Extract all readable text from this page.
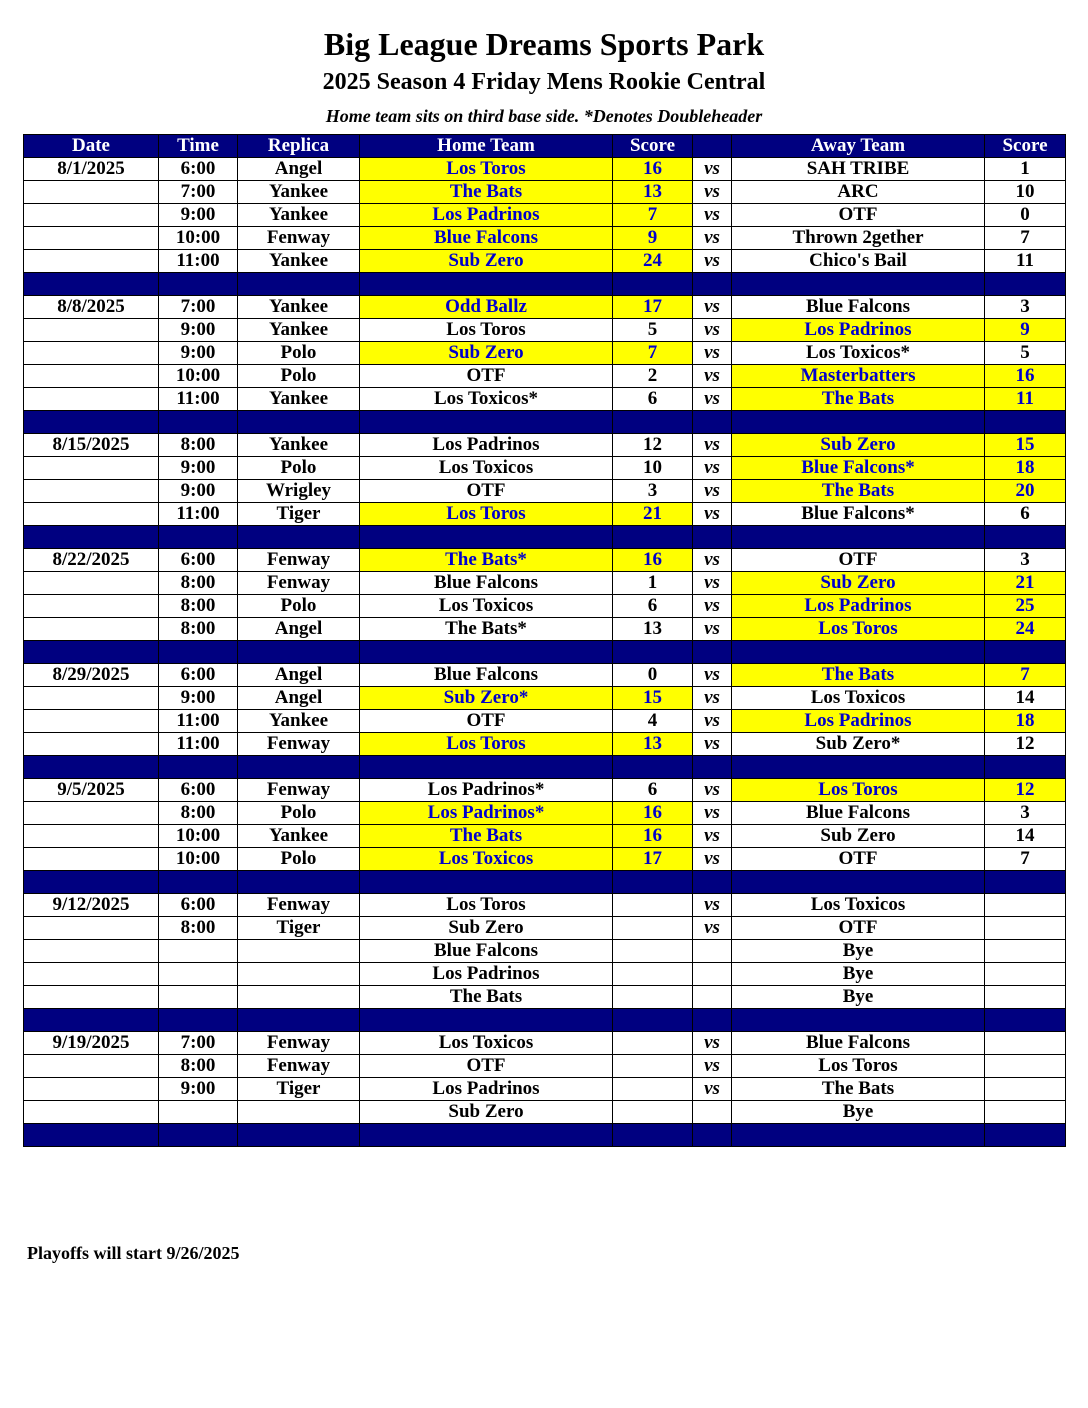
Big League Dreams Sports Park
2025 Season 4 Friday Mens Rookie Central
Home team sits on third base side. *Denotes Doubleheader
Date	Time	Replica	Home Team	Score		Away Team	Score
8/1/2025	6:00	Angel	Los Toros	16	vs	SAH TRIBE	1
	7:00	Yankee	The Bats	13	vs	ARC	10
	9:00	Yankee	Los Padrinos	7	vs	OTF	0
	10:00	Fenway	Blue Falcons	9	vs	Thrown 2gether	7
	11:00	Yankee	Sub Zero	24	vs	Chico's Bail	11

8/8/2025	7:00	Yankee	Odd Ballz	17	vs	Blue Falcons	3
	9:00	Yankee	Los Toros	5	vs	Los Padrinos	9
	9:00	Polo	Sub Zero	7	vs	Los Toxicos*	5
	10:00	Polo	OTF	2	vs	Masterbatters	16
	11:00	Yankee	Los Toxicos*	6	vs	The Bats	11

8/15/2025	8:00	Yankee	Los Padrinos	12	vs	Sub Zero	15
	9:00	Polo	Los Toxicos	10	vs	Blue Falcons*	18
	9:00	Wrigley	OTF	3	vs	The Bats	20
	11:00	Tiger	Los Toros	21	vs	Blue Falcons*	6

8/22/2025	6:00	Fenway	The Bats*	16	vs	OTF	3
	8:00	Fenway	Blue Falcons	1	vs	Sub Zero	21
	8:00	Polo	Los Toxicos	6	vs	Los Padrinos	25
	8:00	Angel	The Bats*	13	vs	Los Toros	24

8/29/2025	6:00	Angel	Blue Falcons	0	vs	The Bats	7
	9:00	Angel	Sub Zero*	15	vs	Los Toxicos	14
	11:00	Yankee	OTF	4	vs	Los Padrinos	18
	11:00	Fenway	Los Toros	13	vs	Sub Zero*	12

9/5/2025	6:00	Fenway	Los Padrinos*	6	vs	Los Toros	12
	8:00	Polo	Los Padrinos*	16	vs	Blue Falcons	3
	10:00	Yankee	The Bats	16	vs	Sub Zero	14
	10:00	Polo	Los Toxicos	17	vs	OTF	7

9/12/2025	6:00	Fenway	Los Toros		vs	Los Toxicos	
	8:00	Tiger	Sub Zero		vs	OTF	
			Blue Falcons			Bye	
			Los Padrinos			Bye	
			The Bats			Bye	

9/19/2025	7:00	Fenway	Los Toxicos		vs	Blue Falcons	
	8:00	Fenway	OTF		vs	Los Toros	
	9:00	Tiger	Los Padrinos		vs	The Bats	
			Sub Zero			Bye	

Playoffs will start 9/26/2025
